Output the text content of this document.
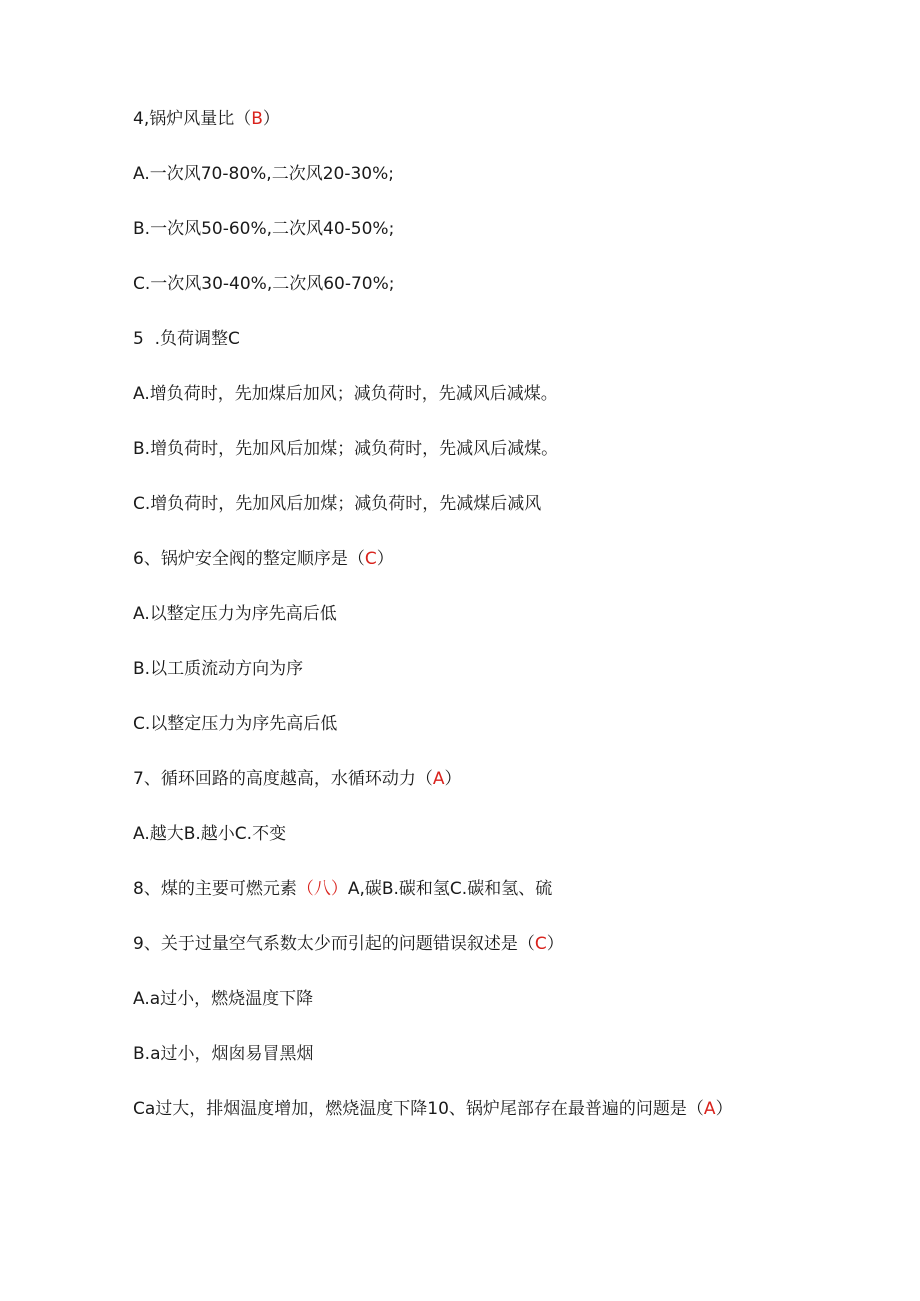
4,锅炉风量比（B）
A.一次风70-80%,二次风20-30%;
B.一次风50-60%,二次风40-50%;
C.一次风30-40%,二次风60-70%;
5  .负荷调整C
A.增负荷时，先加煤后加风；减负荷时，先减风后减煤。
B.增负荷时，先加风后加煤；减负荷时，先减风后减煤。
C.增负荷时，先加风后加煤；减负荷时，先减煤后减风
6、锅炉安全阀的整定顺序是（C）
A.以整定压力为序先高后低
B.以工质流动方向为序
C.以整定压力为序先高后低
7、循环回路的高度越高，水循环动力（A）
A.越大B.越小C.不变
8、煤的主要可燃元素（八）A,碳B.碳和氢C.碳和氢、硫
9、关于过量空气系数太少而引起的问题错误叙述是（C）
A.a过小，燃烧温度下降
B.a过小，烟囱易冒黑烟
Ca过大，排烟温度增加，燃烧温度下降10、锅炉尾部存在最普遍的问题是（A）
